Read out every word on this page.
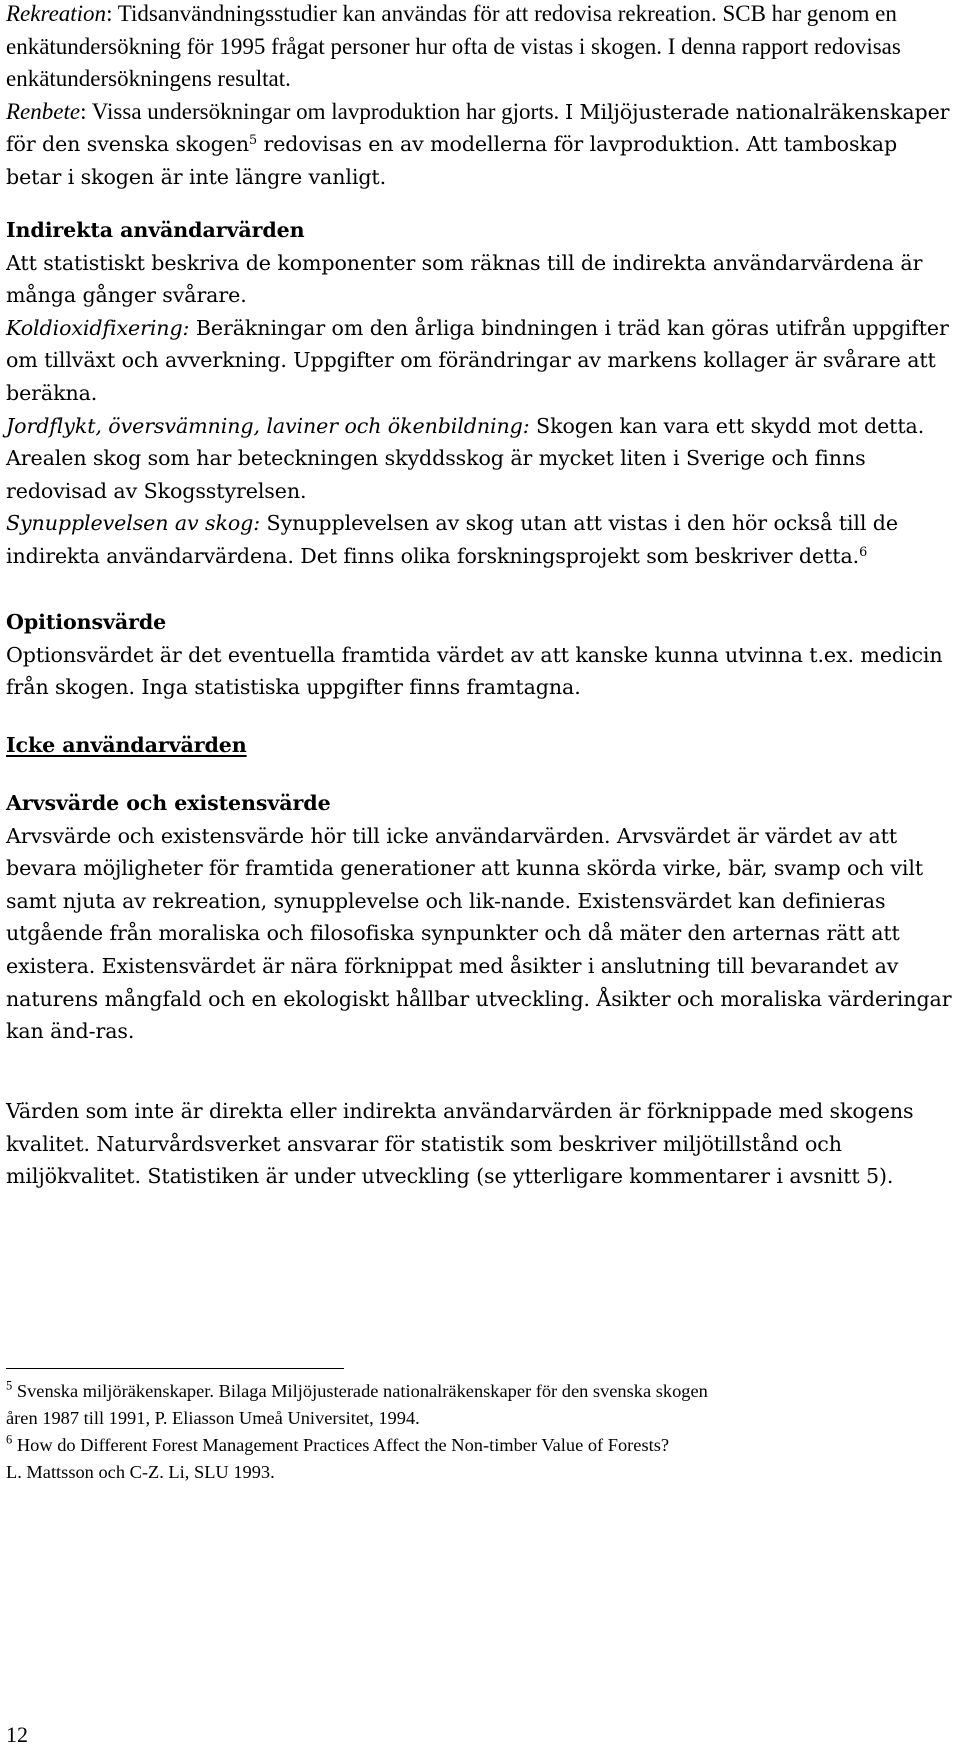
Rekreation: Tidsanvändningsstudier kan användas för att redovisa rekreation. SCB har genom en enkätundersökning för 1995 frågat personer hur ofta de vistas i skogen. I denna rapport redovisas enkätundersökningens resultat.

Renbete: Vissa undersökningar om lavproduktion har gjorts. I Miljöjusterade nationalräkenskaper för den svenska skogen$^5$ redovisas en av modellerna för lavproduktion. Att tamboskap betar i skogen är inte längre vanligt.

Indirekta användarvärden

Att statistiskt beskriva de komponenter som räknas till de indirekta användarvärdena är många gånger svårare.

Koldioxidfixering: Beräkningar om den årliga bindningen i träd kan göras utifrån uppgifter om tillväxt och avverkning. Uppgifter om förändringar av markens kollager är svårare att beräkna.

Jordflykt, översvämning, laviner och ökenbildning: Skogen kan vara ett skydd mot detta. Arealen skog som har beteckningen skyddsskog är mycket liten i Sverige och finns redovisad av Skogsstyrelsen.

Synupplevelsen av skog: Synupplevelsen av skog utan att vistas i den hör också till de indirekta användarvärdena. Det finns olika forskningsprojekt som beskriver detta.$^6$

Opitionsvärde

Optionsvärdet är det eventuella framtida värdet av att kanske kunna utvinna t.ex. medicin från skogen. Inga statistiska uppgifter finns framtagna.

Icke användarvärden

Arvsvärde och existensvärde

Arvsvärde och existensvärde hör till icke användarvärden. Arvsvärdet är värdet av att bevara möjligheter för framtida generationer att kunna skörda virke, bär, svamp och vilt samt njuta av rekreation, synupplevelse och lik-nande. Existensvärdet kan definieras utgående från moraliska och filosofiska synpunkter och då mäter den arternas rätt att existera. Existensvärdet är nära förknippat med åsikter i anslutning till bevarandet av naturens mångfald och en ekologiskt hållbar utveckling. Åsikter och moraliska värderingar kan änd-ras.

Värden som inte är direkta eller indirekta användarvärden är förknippade med skogens kvalitet. Naturvårdsverket ansvarar för statistik som beskriver miljötillstånd och miljökvalitet. Statistiken är under utveckling (se ytterligare kommentarer i avsnitt 5).

$^5$ Svenska miljöräkenskaper. Bilaga Miljöjusterade nationalräkenskaper för den svenska skogen

åren 1987 till 1991, P. Eliasson Umeå Universitet, 1994.

$^6$ How do Different Forest Management Practices Affect the Non-timber Value of Forests?

L. Mattsson och C-Z. Li, SLU 1993.

12
